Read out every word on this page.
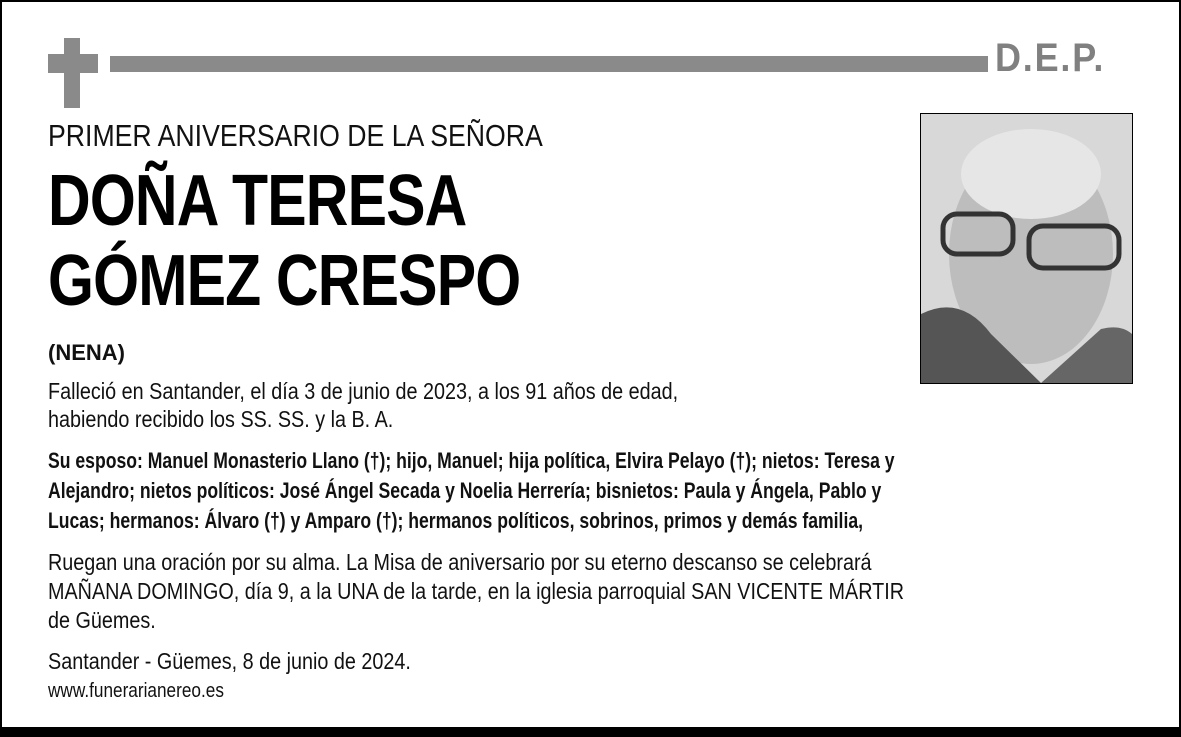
D.E.P.
PRIMER ANIVERSARIO DE LA SEÑORA
DOÑA TERESA
GÓMEZ CRESPO
(NENA)
Falleció en Santander, el día 3 de junio de 2023, a los 91 años de edad,
habiendo recibido los SS. SS. y la B. A.
Su esposo: Manuel Monasterio Llano (†); hijo, Manuel; hija política, Elvira Pelayo (†); nietos: Teresa y
Alejandro; nietos políticos: José Ángel Secada y Noelia Herrería; bisnietos: Paula y Ángela, Pablo y
Lucas; hermanos: Álvaro (†) y Amparo (†); hermanos políticos, sobrinos, primos y demás familia,
Ruegan una oración por su alma. La Misa de aniversario por su eterno descanso se celebrará
MAÑANA DOMINGO, día 9, a la UNA de la tarde, en la iglesia parroquial SAN VICENTE MÁRTIR
de Güemes.
Santander - Güemes, 8 de junio de 2024.
www.funerarianereo.es
